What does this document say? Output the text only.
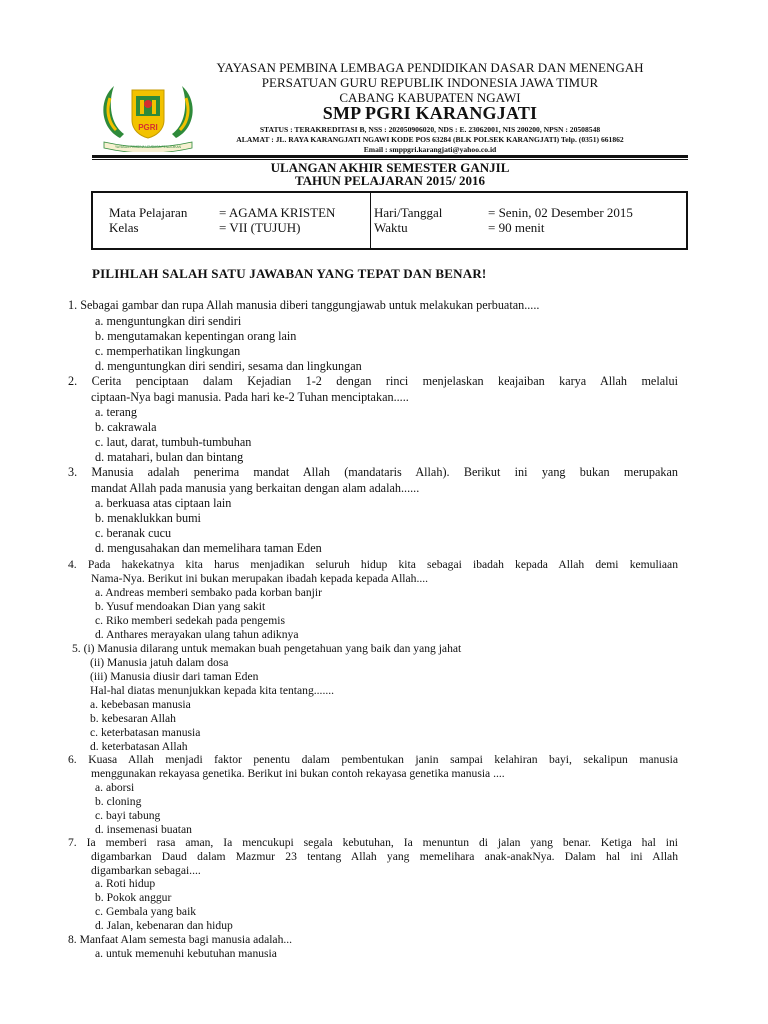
PGRI
YAYASAN PEMBINA LEMBAGA PENDIDIKAN
YAYASAN PEMBINA LEMBAGA PENDIDIKAN DASAR DAN MENENGAH
PERSATUAN GURU REPUBLIK INDONESIA JAWA TIMUR
CABANG KABUPATEN NGAWI
SMP PGRI KARANGJATI
STATUS : TERAKREDITASI B, NSS : 202050906020, NDS : E. 23062001, NIS 200200, NPSN : 20508548
ALAMAT : JL. RAYA KARANGJATI NGAWI KODE POS 63284 (BLK POLSEK KARANGJATI) Telp. (0351) 661862
Email : smppgri.karangjati@yahoo.co.id
ULANGAN AKHIR SEMESTER GANJIL
TAHUN PELAJARAN 2015/ 2016
Mata Pelajaran = AGAMA KRISTEN
Kelas	= VII (TUJUH)
Hari/Tanggal	= Senin, 02 Desember 2015
Waktu	= 90 menit
PILIHLAH SALAH SATU JAWABAN YANG TEPAT DAN BENAR!
1. Sebagai gambar dan rupa Allah manusia diberi tanggungjawab untuk melakukan perbuatan.....
a. menguntungkan diri sendiri
b. mengutamakan kepentingan orang lain
c. memperhatikan lingkungan
d. menguntungkan diri sendiri, sesama dan lingkungan
2. Cerita penciptaan dalam Kejadian 1-2 dengan rinci menjelaskan keajaiban karya Allah melalui
ciptaan-Nya bagi manusia. Pada hari ke-2 Tuhan menciptakan.....
a. terang
b. cakrawala
c. laut, darat, tumbuh-tumbuhan
d. matahari, bulan dan bintang
3. Manusia adalah penerima mandat Allah (mandataris Allah). Berikut ini yang bukan merupakan
mandat Allah pada manusia yang berkaitan dengan alam adalah......
a. berkuasa atas ciptaan lain
b. menaklukkan bumi
c. beranak cucu
d. mengusahakan dan memelihara taman Eden
4. Pada hakekatnya kita harus menjadikan seluruh hidup kita sebagai ibadah kepada Allah demi kemuliaan
Nama-Nya. Berikut ini bukan merupakan ibadah kepada kepada Allah....
a. Andreas memberi sembako pada korban banjir
b. Yusuf mendoakan Dian yang sakit
c. Riko memberi sedekah pada pengemis
d. Anthares merayakan ulang tahun adiknya
5. (i) Manusia dilarang untuk memakan buah pengetahuan yang baik dan yang jahat
(ii) Manusia jatuh dalam dosa
(iii) Manusia diusir dari taman Eden
Hal-hal diatas menunjukkan kepada kita tentang.......
a. kebebasan manusia
b. kebesaran Allah
c. keterbatasan manusia
d. keterbatasan Allah
6. Kuasa Allah menjadi faktor penentu dalam pembentukan janin sampai kelahiran bayi, sekalipun manusia
menggunakan rekayasa genetika. Berikut ini bukan contoh rekayasa genetika manusia ....
a. aborsi
b. cloning
c. bayi tabung
d. insemenasi buatan
7. Ia memberi rasa aman, Ia mencukupi segala kebutuhan, Ia menuntun di jalan yang benar. Ketiga hal ini
digambarkan Daud dalam Mazmur 23 tentang Allah yang memelihara anak-anakNya. Dalam hal ini Allah
digambarkan sebagai....
a. Roti hidup
b. Pokok anggur
c. Gembala yang baik
d. Jalan, kebenaran dan hidup
8. Manfaat Alam semesta bagi manusia adalah...
a. untuk memenuhi kebutuhan manusia
